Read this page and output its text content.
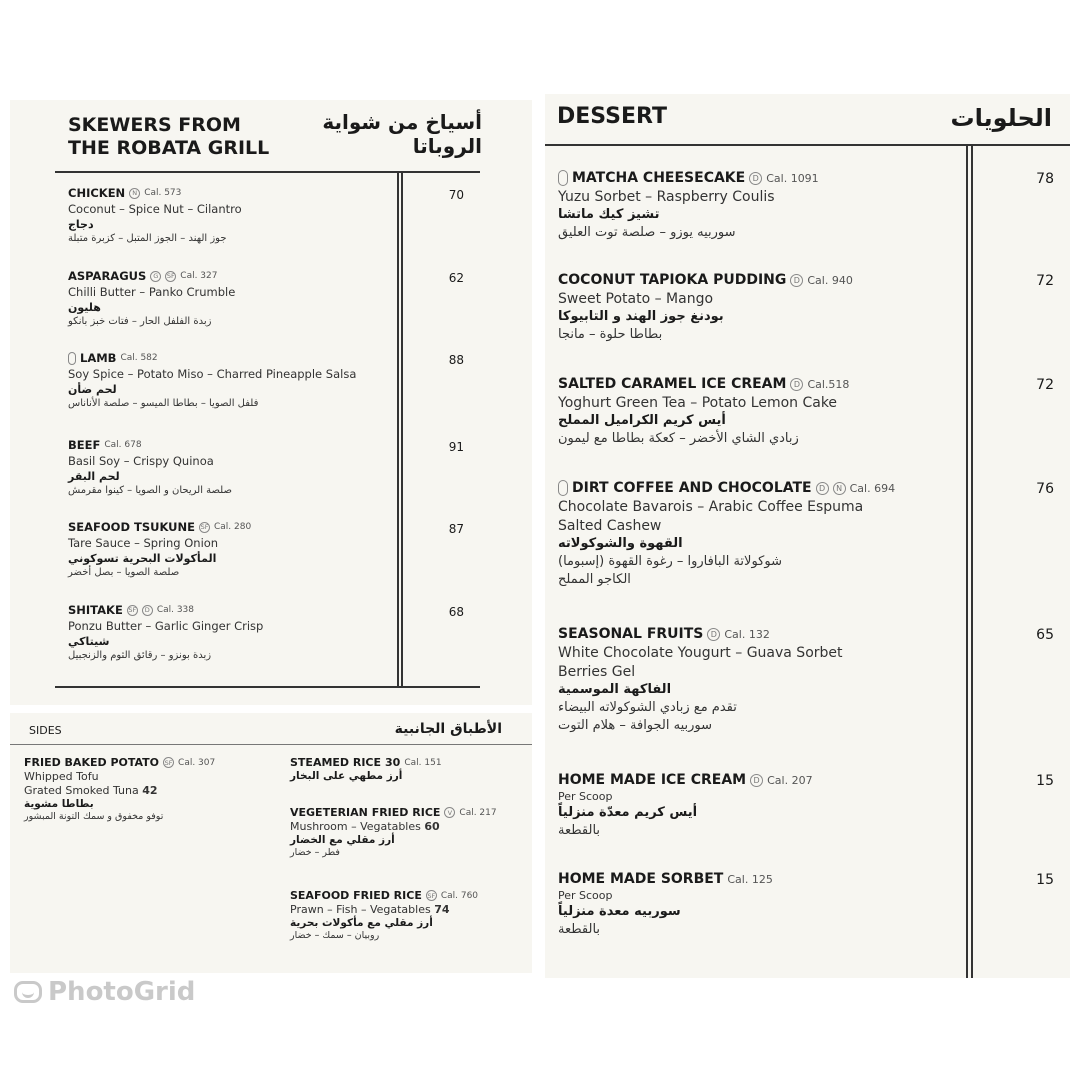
SKEWERS FROM
THE ROBATA GRILL
أسياخ من شواية
الروباتا
CHICKEN	N Cal. 573
Coconut – Spice Nut – Cilantro
دجاج
جوز الهند – الجوز المتبل – كزبرة متبلة
70
ASPARAGUS	G	SF Cal. 327
Chilli Butter – Panko Crumble
هليون
زبدة الفلفل الحار – فتات خبز بانكو
62
LAMB Cal. 582
Soy Spice – Potato Miso – Charred Pineapple Salsa
لحم ضأن
فلفل الصويا – بطاطا الميسو – صلصة الأناناس
88
BEEF Cal. 678
Basil Soy – Crispy Quinoa
لحم البقر
صلصة الريحان و الصويا – كينوا مقرمش
91
SEAFOOD TSUKUNE SF Cal. 280
Tare Sauce – Spring Onion
المأكولات البحرية تسوكوني
صلصة الصويا – بصل أخضر
87
SHITAKE SF	D Cal. 338
Ponzu Butter – Garlic Ginger Crisp
شيتاكي
زبدة بونزو – رقائق الثوم والزنجبيل
68
SIDES	الأطباق الجانبية
FRIED BAKED POTATO SF Cal. 307
Whipped Tofu
Grated Smoked Tuna 42
بطاطا مشوية
توفو مخفوق و سمك التونة المبشور
STEAMED RICE 30 Cal. 151
أرز مطهي على البخار
VEGETERIAN FRIED RICE	V Cal. 217
Mushroom – Vegatables 60
أرز مقلي مع الخضار
فطر – خضار
SEAFOOD FRIED RICE SF Cal. 760
Prawn – Fish – Vegatables 74
أرز مقلي مع مأكولات بحرية
روبيان – سمك – خضار
DESSERT	الحلويات
MATCHA CHEESECAKE D Cal. 1091
Yuzu Sorbet – Raspberry Coulis
تشيز كيك ماتشا
سوربيه يوزو – صلصة توت العليق
78
COCONUT TAPIOKA PUDDING D Cal. 940
Sweet Potato – Mango
بودنغ جوز الهند و التابيوكا
بطاطا حلوة – مانجا
72
SALTED CARAMEL ICE CREAM D Cal.518
Yoghurt Green Tea – Potato Lemon Cake
أيس كريم الكراميل المملح
زبادي الشاي الأخضر – كعكة بطاطا مع ليمون
72
DIRT COFFEE AND CHOCOLATE D	N Cal. 694
Chocolate Bavarois – Arabic Coffee Espuma
Salted Cashew
القهوة والشوكولاته
شوكولاتة البافاروا – رغوة القهوة (إسبوما)
الكاجو المملح
76
SEASONAL FRUITS D Cal. 132
White Chocolate Yougurt – Guava Sorbet
Berries Gel
الفاكهة الموسمية
تقدم مع زبادي الشوكولاته البيضاء
سوربيه الجوافة – هلام التوت
65
HOME MADE ICE CREAM D Cal. 207
Per Scoop
أيس كريم معدّة منزلياً
بالقطعة
15
HOME MADE SORBET Cal. 125
Per Scoop
سوربيه معدة منزلياً
بالقطعة
15
PhotoGrid
